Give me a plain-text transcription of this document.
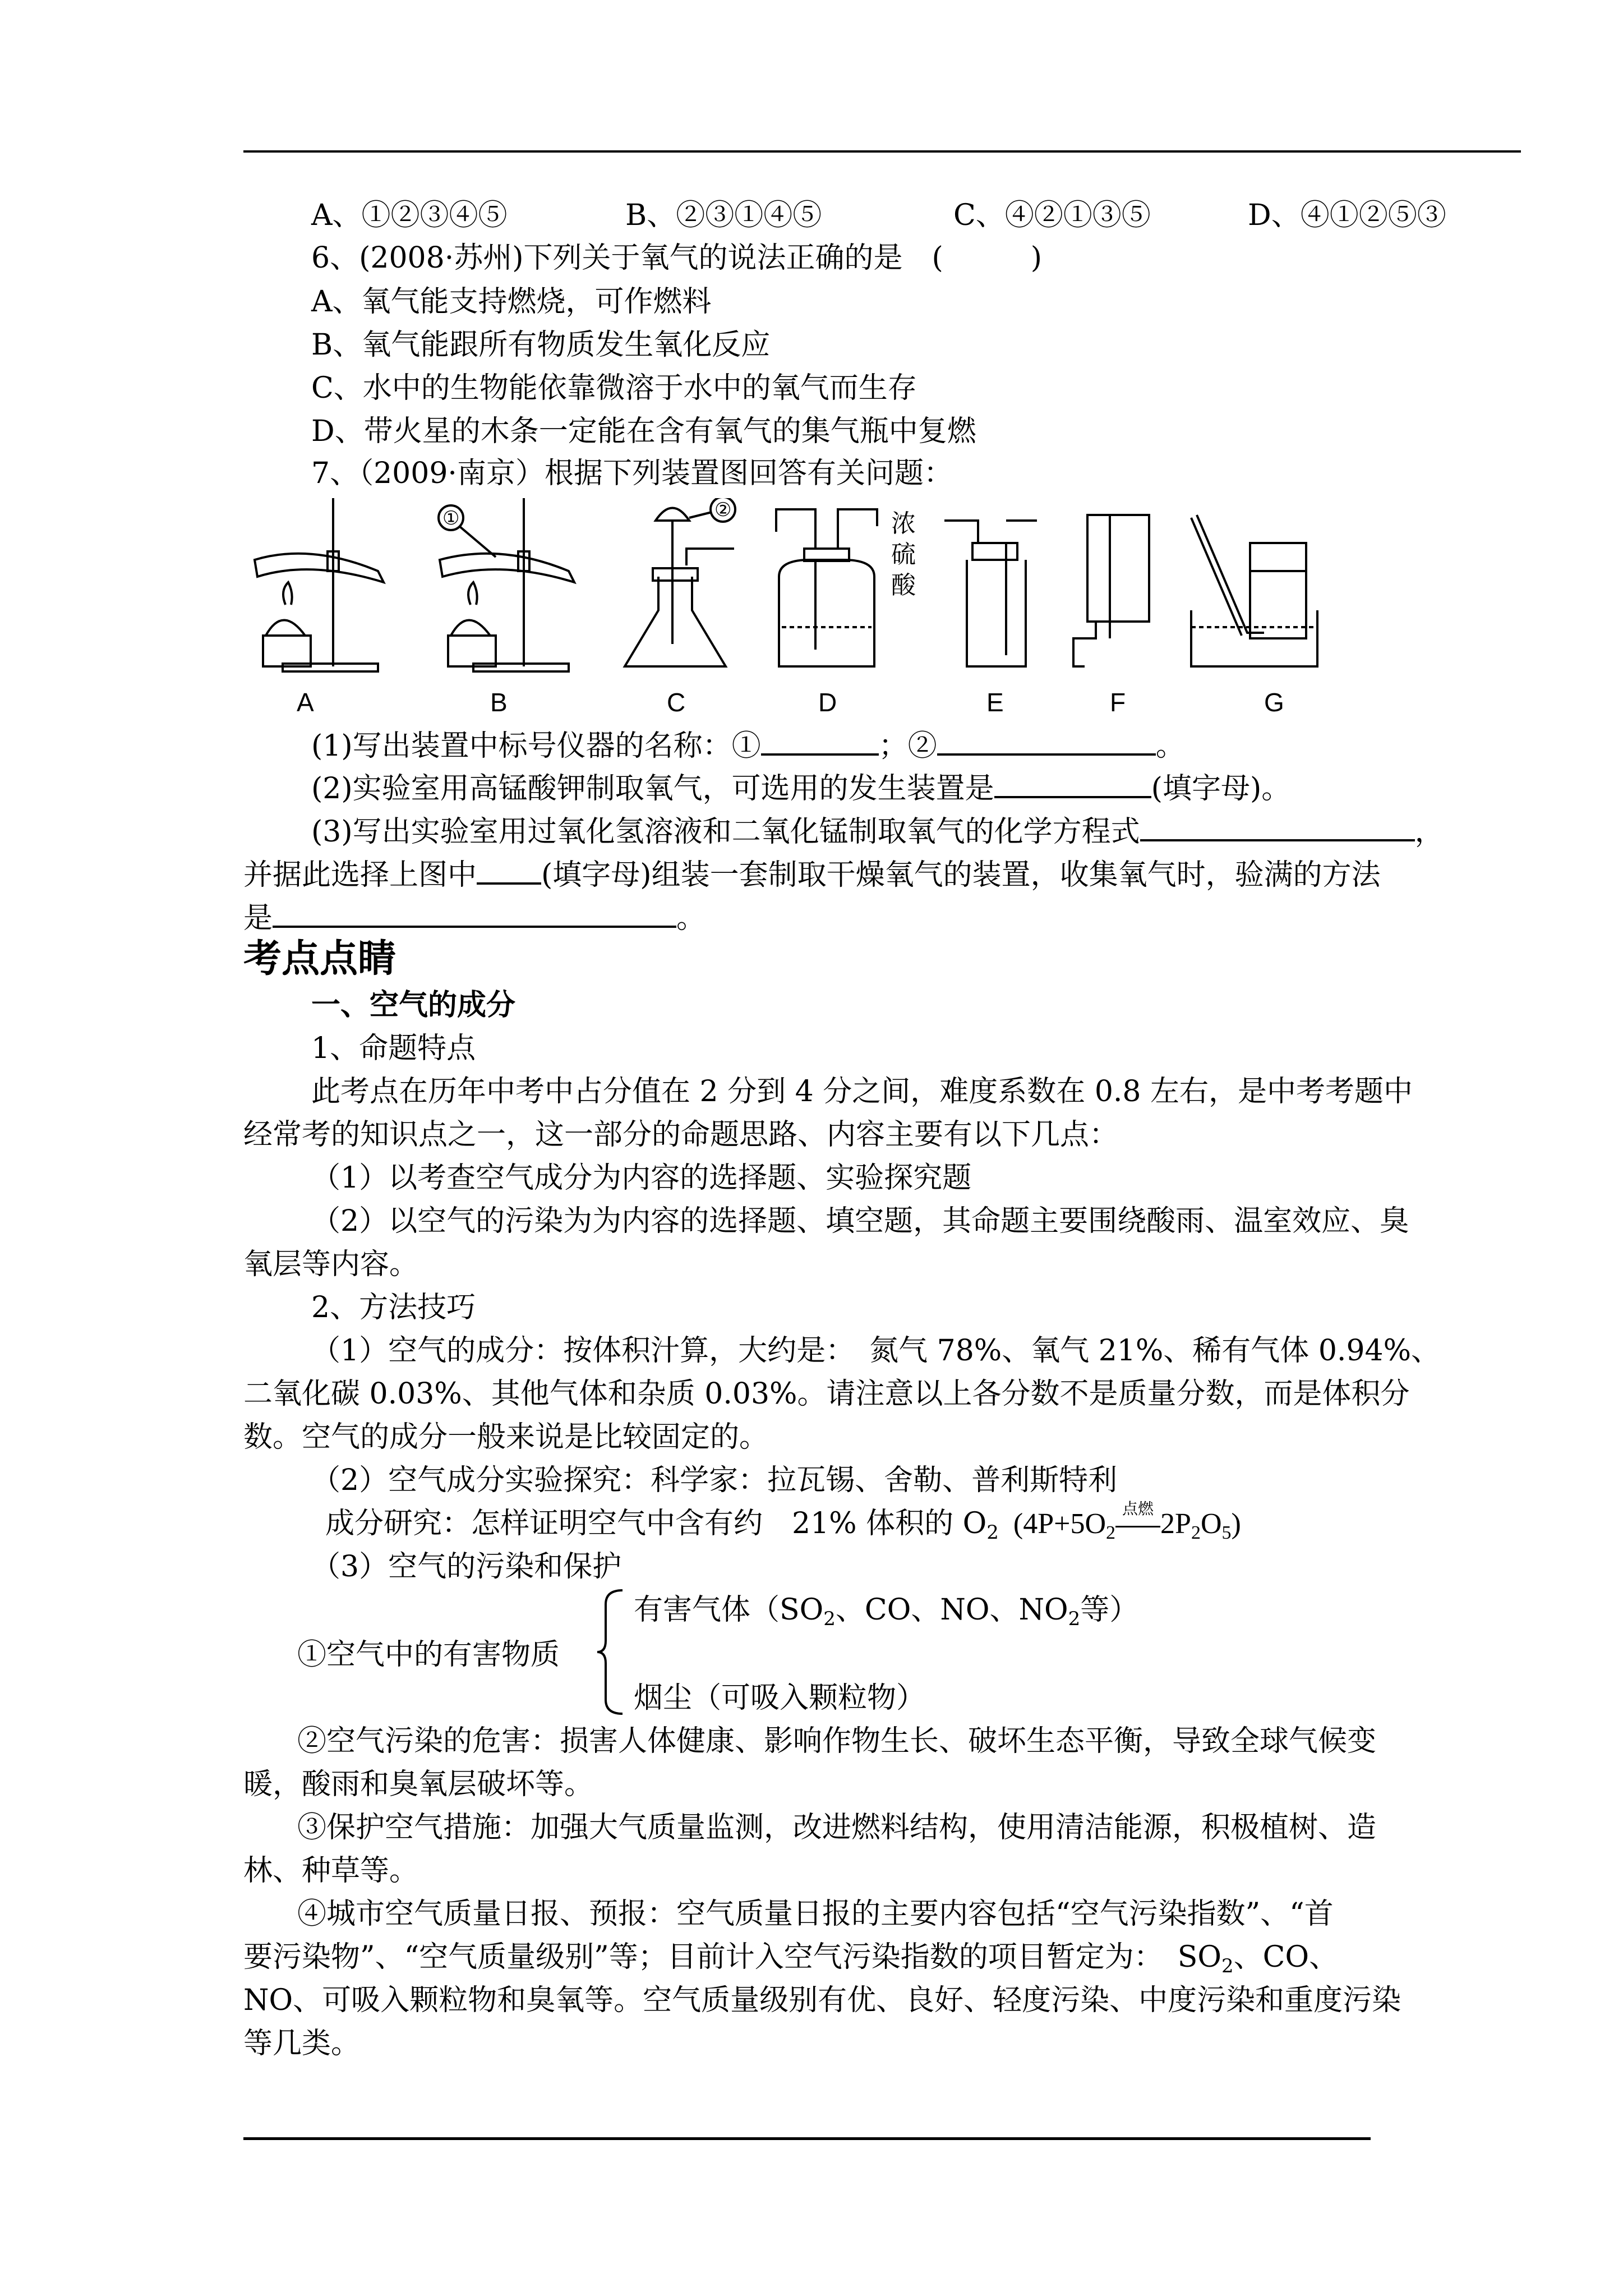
A、①②③④⑤	B、②③①④⑤	C、④②①③⑤	D、④①②⑤③
6、(2008·苏州)下列关于氧气的说法正确的是　(　　　)
A、氧气能支持燃烧，可作燃料
B、氧气能跟所有物质发生氧化反应
C、水中的生物能依靠微溶于水中的氧气而生存
D、带火星的木条一定能在含有氧气的集气瓶中复燃
7、（2009·南京）根据下列装置图回答有关问题：
浓
硫
酸
A	B	C	D	E	F	G
①	②
(1)写出装置中标号仪器的名称：①	；②	。
(2)实验室用高锰酸钾制取氧气，可选用的发生装置是	(填字母)。
(3)写出实验室用过氧化氢溶液和二氧化锰制取氧气的化学方程式	，
并据此选择上图中 (填字母)组装一套制取干燥氧气的装置，收集氧气时，验满的方法
是	。
考点点睛
一、空气的成分
1、命题特点
此考点在历年中考中占分值在 2 分到 4 分之间，难度系数在 0.8 左右，是中考考题中
经常考的知识点之一，这一部分的命题思路、内容主要有以下几点：
（1）以考查空气成分为内容的选择题、实验探究题
（2）以空气的污染为为内容的选择题、填空题，其命题主要围绕酸雨、温室效应、臭
氧层等内容。
2、方法技巧
（1）空气的成分：按体积汁算，大约是：　氮气 78%、氧气 21%、稀有气体 0.94%、
二氧化碳 0.03%、其他气体和杂质 0.03%。请注意以上各分数不是质量分数，而是体积分
数。空气的成分一般来说是比较固定的。
（2）空气成分实验探究：科学家：拉瓦锡、舍勒、普利斯特利
成分研究：怎样证明空气中含有约　21% 体积的 $O_2$  ($4P+5O_2$
点燃 $2P_2O_5$)
（3）空气的污染和保护
有害气体（$SO_2$、CO、NO、$NO_2$等）
①空气中的有害物质
烟尘（可吸入颗粒物）
②空气污染的危害：损害人体健康、影响作物生长、破坏生态平衡，导致全球气候变
暖，酸雨和臭氧层破坏等。
③保护空气措施：加强大气质量监测，改进燃料结构，使用清洁能源，积极植树、造
林、种草等。
④城市空气质量日报、预报：空气质量日报的主要内容包括“空气污染指数”、“首
要污染物”、“空气质量级别”等；目前计入空气污染指数的项目暂定为：　$SO_2$、CO、
NO、可吸入颗粒物和臭氧等。空气质量级别有优、良好、轻度污染、中度污染和重度污染
等几类。
